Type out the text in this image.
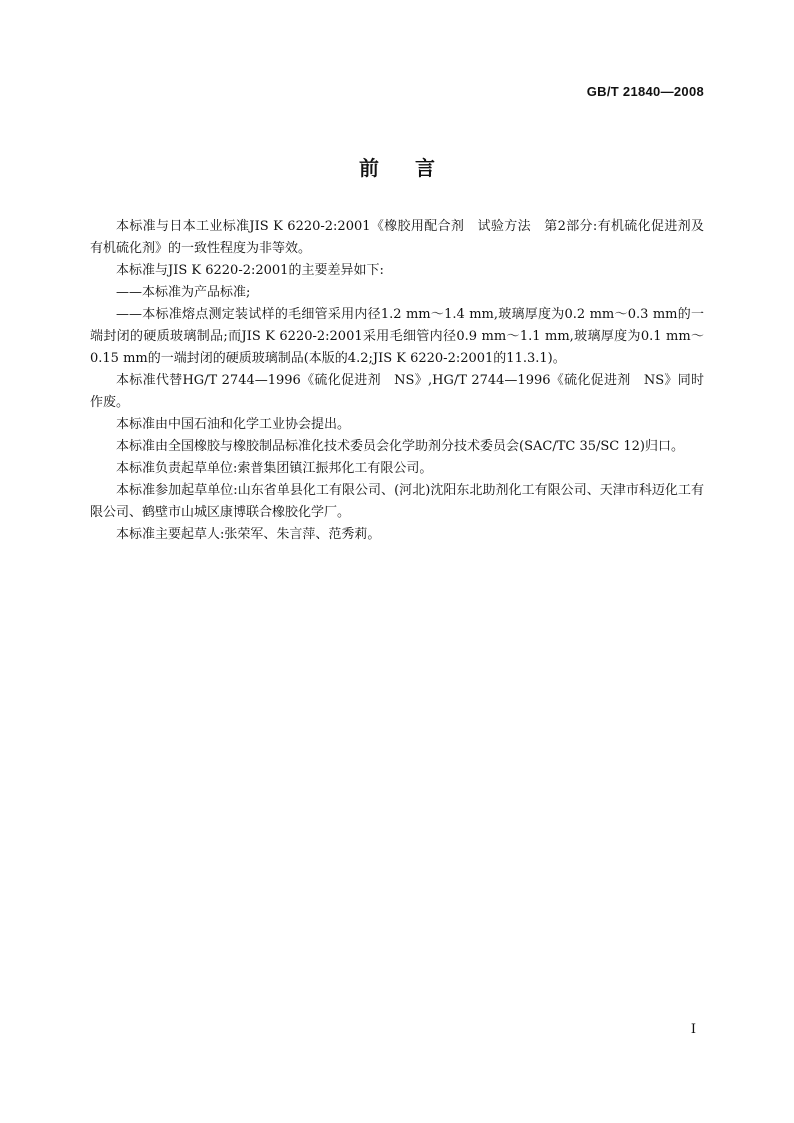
GB/T 21840—2008
前言

本标准与日本工业标准JIS K 6220-2:2001《橡胶用配合剂　试验方法　第2部分:有机硫化促进剂及有机硫化剂》的一致性程度为非等效。

本标准与JIS K 6220-2:2001的主要差异如下:

——本标准为产品标准;

——本标准熔点测定装试样的毛细管采用内径1.2 mm～1.4 mm,玻璃厚度为0.2 mm～0.3 mm的一端封闭的硬质玻璃制品;而JIS K 6220-2:2001采用毛细管内径0.9 mm～1.1 mm,玻璃厚度为0.1 mm～0.15 mm的一端封闭的硬质玻璃制品(本版的4.2;JIS K 6220-2:2001的11.3.1)。

本标准代替HG/T 2744—1996《硫化促进剂　NS》,HG/T 2744—1996《硫化促进剂　NS》同时作废。

本标准由中国石油和化学工业协会提出。

本标准由全国橡胶与橡胶制品标准化技术委员会化学助剂分技术委员会(SAC/TC 35/SC 12)归口。

本标准负责起草单位:索普集团镇江振邦化工有限公司。

本标准参加起草单位:山东省单县化工有限公司、(河北)沈阳东北助剂化工有限公司、天津市科迈化工有限公司、鹤壁市山城区康博联合橡胶化学厂。

本标准主要起草人:张荣军、朱言萍、范秀莉。

I
